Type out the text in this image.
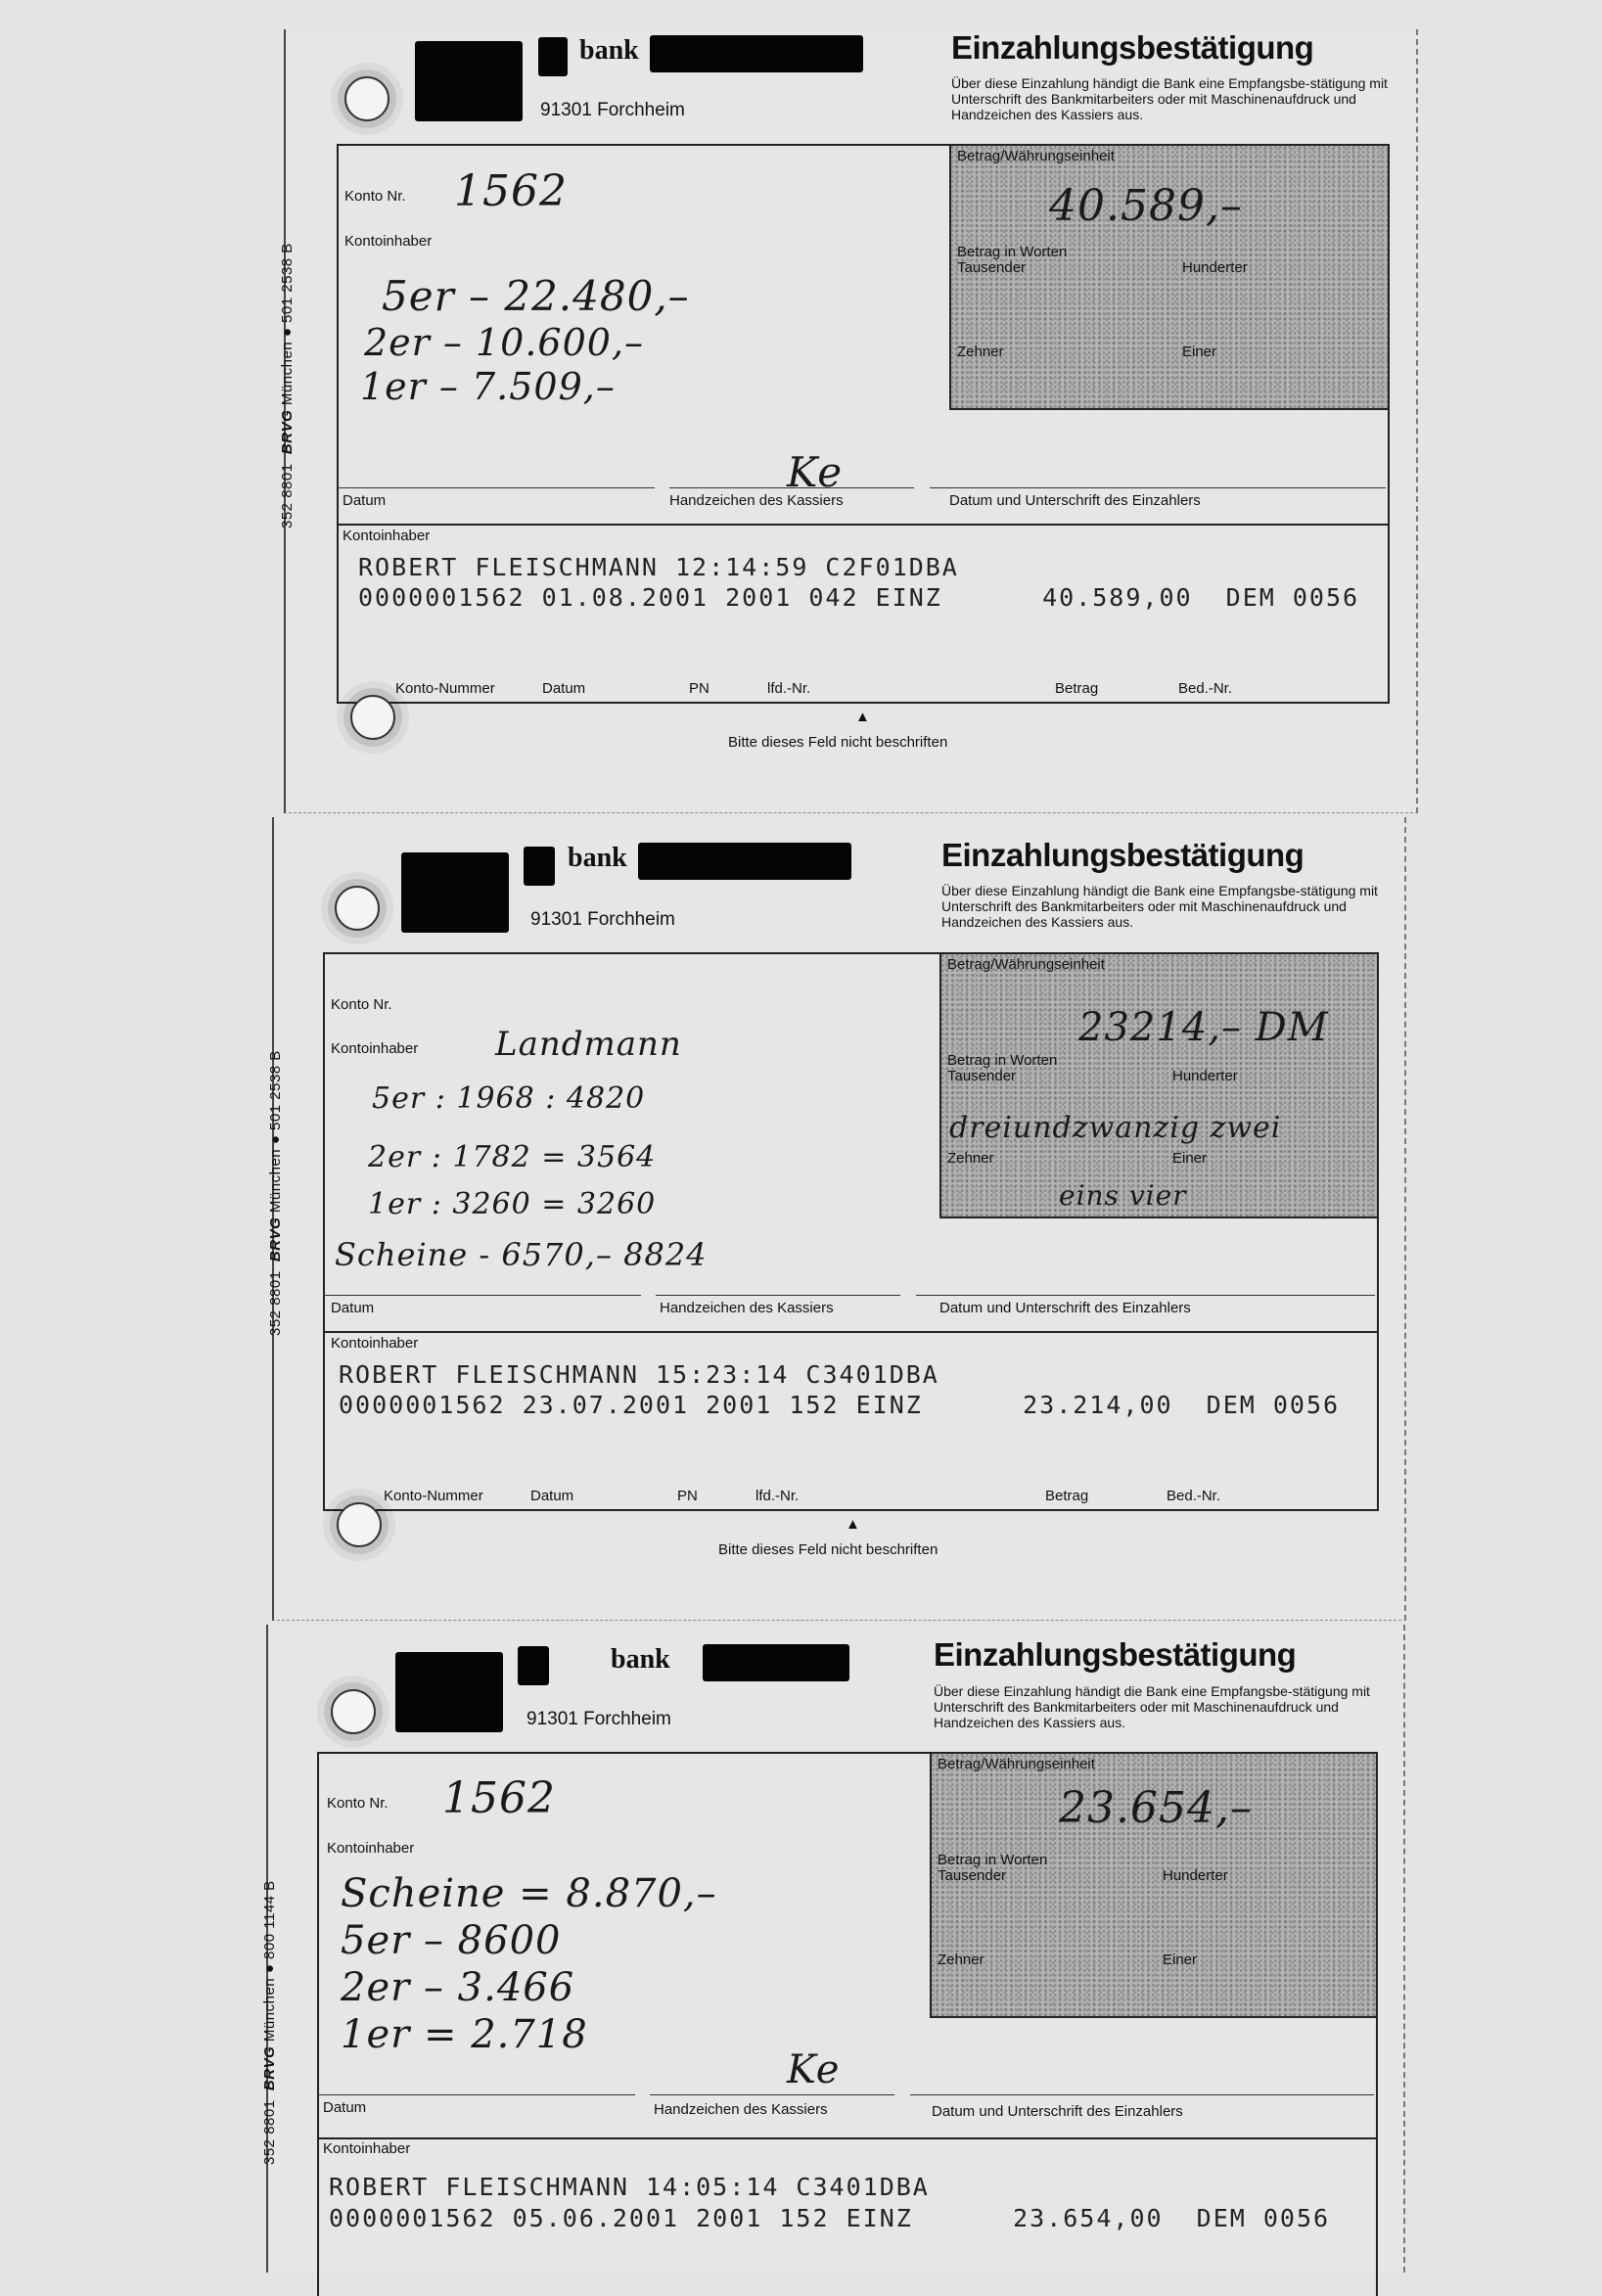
352 8801  BRVG München ● 501 2538 B
bank
91301 Forchheim
Einzahlungsbestätigung
Über diese Einzahlung händigt die Bank eine Empfangsbe-stätigung mit Unterschrift des Bankmitarbeiters oder mit Maschinenaufdruck und Handzeichen des Kassiers aus.
Konto Nr. 1562
Kontoinhaber
5er – 22.480,–
2er – 10.600,–
1er – 7.509,–
Ke
Betrag/Währungseinheit
40.589,–
Betrag in Worten
Tausender	Hunderter
Zehner	Einer
Datum	Handzeichen des Kassiers	Datum und Unterschrift des Einzahlers
Kontoinhaber
ROBERT FLEISCHMANN 12:14:59 C2F01DBA
0000001562 01.08.2001 2001 042 EINZ      40.589,00  DEM 0056
Konto-Nummer	Datum	PN	lfd.-Nr.	Betrag	Bed.-Nr.
▲
Bitte dieses Feld nicht beschriften
352 8801  BRVG München ● 501 2538 B
bank
91301 Forchheim
Einzahlungsbestätigung
Über diese Einzahlung händigt die Bank eine Empfangsbe-stätigung mit Unterschrift des Bankmitarbeiters oder mit Maschinenaufdruck und Handzeichen des Kassiers aus.
Konto Nr.
Kontoinhaber Landmann
5er : 1968 : 4820
2er : 1782 = 3564
1er : 3260 = 3260
Scheine - 6570,– 8824
Betrag/Währungseinheit
23214,– DM
Betrag in Worten
Tausender	Hunderter
dreiundzwanzig zwei
Zehner	Einer
eins vier
Datum	Handzeichen des Kassiers	Datum und Unterschrift des Einzahlers
Kontoinhaber
ROBERT FLEISCHMANN 15:23:14 C3401DBA
0000001562 23.07.2001 2001 152 EINZ      23.214,00  DEM 0056
Konto-Nummer	Datum	PN	lfd.-Nr.	Betrag	Bed.-Nr.
▲
Bitte dieses Feld nicht beschriften
352 8801  BRVG München ● 800 1144 B
bank
91301 Forchheim
Einzahlungsbestätigung
Über diese Einzahlung händigt die Bank eine Empfangsbe-stätigung mit Unterschrift des Bankmitarbeiters oder mit Maschinenaufdruck und Handzeichen des Kassiers aus.
Konto Nr. 1562
Kontoinhaber
Scheine = 8.870,–
5er – 8600
2er – 3.466
1er = 2.718
Ke
Betrag/Währungseinheit
23.654,–
Betrag in Worten
Tausender	Hunderter
Zehner	Einer
Datum	Handzeichen des Kassiers	Datum und Unterschrift des Einzahlers
Kontoinhaber
ROBERT FLEISCHMANN 14:05:14 C3401DBA
0000001562 05.06.2001 2001 152 EINZ      23.654,00  DEM 0056
